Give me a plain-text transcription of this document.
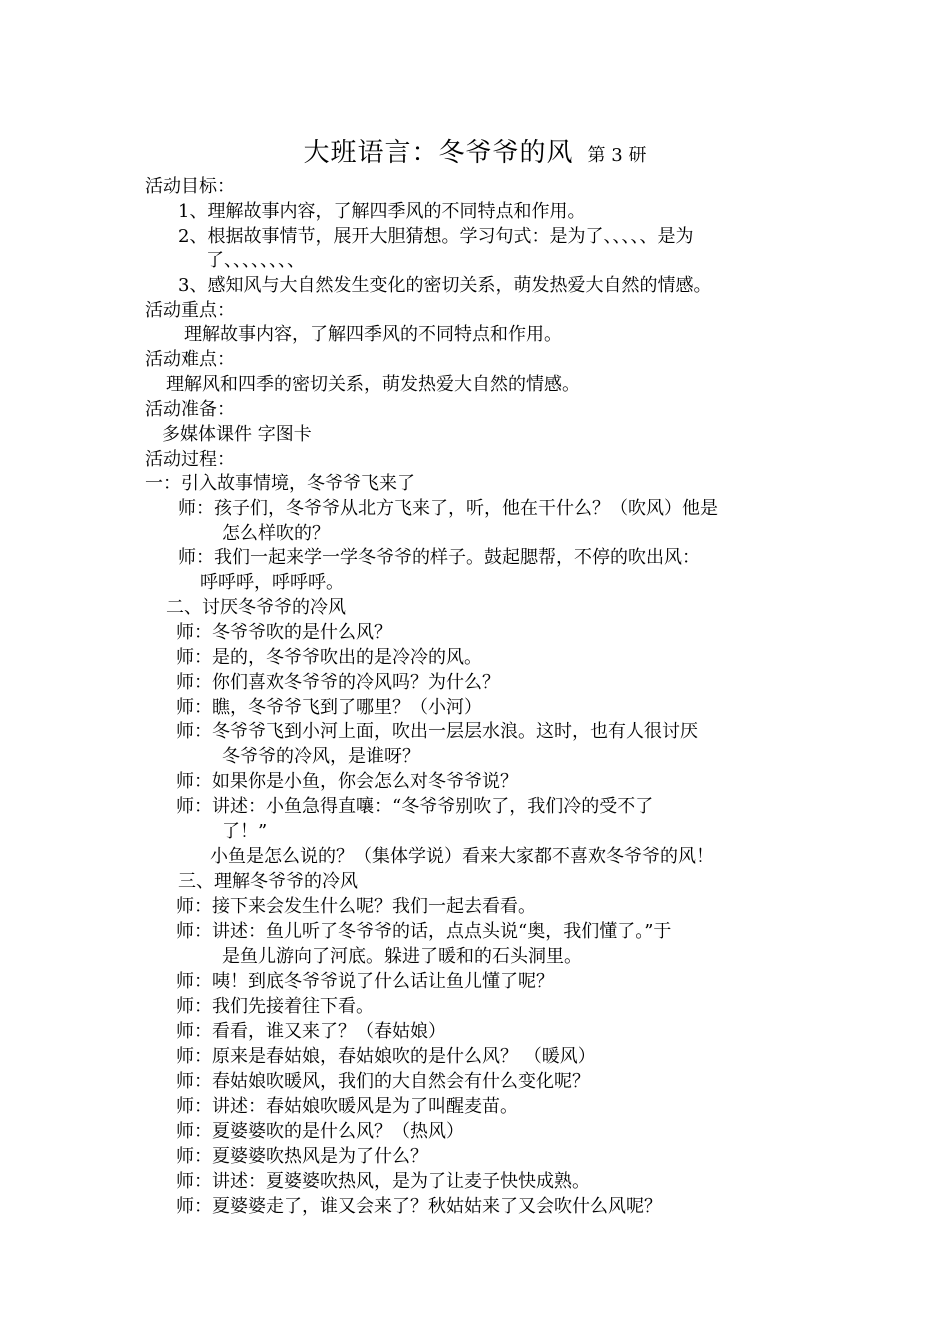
大班语言：冬爷爷的风 第 3 研
活动目标：
1、理解故事内容，了解四季风的不同特点和作用。
2、根据故事情节，展开大胆猜想。学习句式：是为了、、、、、是为
了、、、、、、、、
3、感知风与大自然发生变化的密切关系，萌发热爱大自然的情感。
活动重点：
理解故事内容，了解四季风的不同特点和作用。
活动难点：
理解风和四季的密切关系，萌发热爱大自然的情感。
活动准备：
多媒体课件 字图卡
活动过程：
一：引入故事情境，冬爷爷飞来了
师：孩子们，冬爷爷从北方飞来了，听，他在干什么？（吹风）他是
怎么样吹的？
师：我们一起来学一学冬爷爷的样子。鼓起腮帮，不停的吹出风：
呼呼呼，呼呼呼。
二、讨厌冬爷爷的冷风
师：冬爷爷吹的是什么风？
师：是的，冬爷爷吹出的是冷冷的风。
师：你们喜欢冬爷爷的冷风吗？为什么？
师：瞧，冬爷爷飞到了哪里？（小河）
师：冬爷爷飞到小河上面，吹出一层层水浪。这时，也有人很讨厌
冬爷爷的冷风，是谁呀？
师：如果你是小鱼，你会怎么对冬爷爷说？
师：讲述：小鱼急得直嚷：“冬爷爷别吹了，我们冷的受不了
了！”
小鱼是怎么说的？（集体学说）看来大家都不喜欢冬爷爷的风！
三、理解冬爷爷的冷风
师：接下来会发生什么呢？我们一起去看看。
师：讲述：鱼儿听了冬爷爷的话，点点头说“奥，我们懂了。”于
是鱼儿游向了河底。躲进了暖和的石头洞里。
师：咦！到底冬爷爷说了什么话让鱼儿懂了呢？
师：我们先接着往下看。
师：看看，谁又来了？（春姑娘）
师：原来是春姑娘，春姑娘吹的是什么风？ （暖风）
师：春姑娘吹暖风，我们的大自然会有什么变化呢？
师：讲述：春姑娘吹暖风是为了叫醒麦苗。
师：夏婆婆吹的是什么风？（热风）
师：夏婆婆吹热风是为了什么？
师：讲述：夏婆婆吹热风，是为了让麦子快快成熟。
师：夏婆婆走了，谁又会来了？秋姑姑来了又会吹什么风呢？
